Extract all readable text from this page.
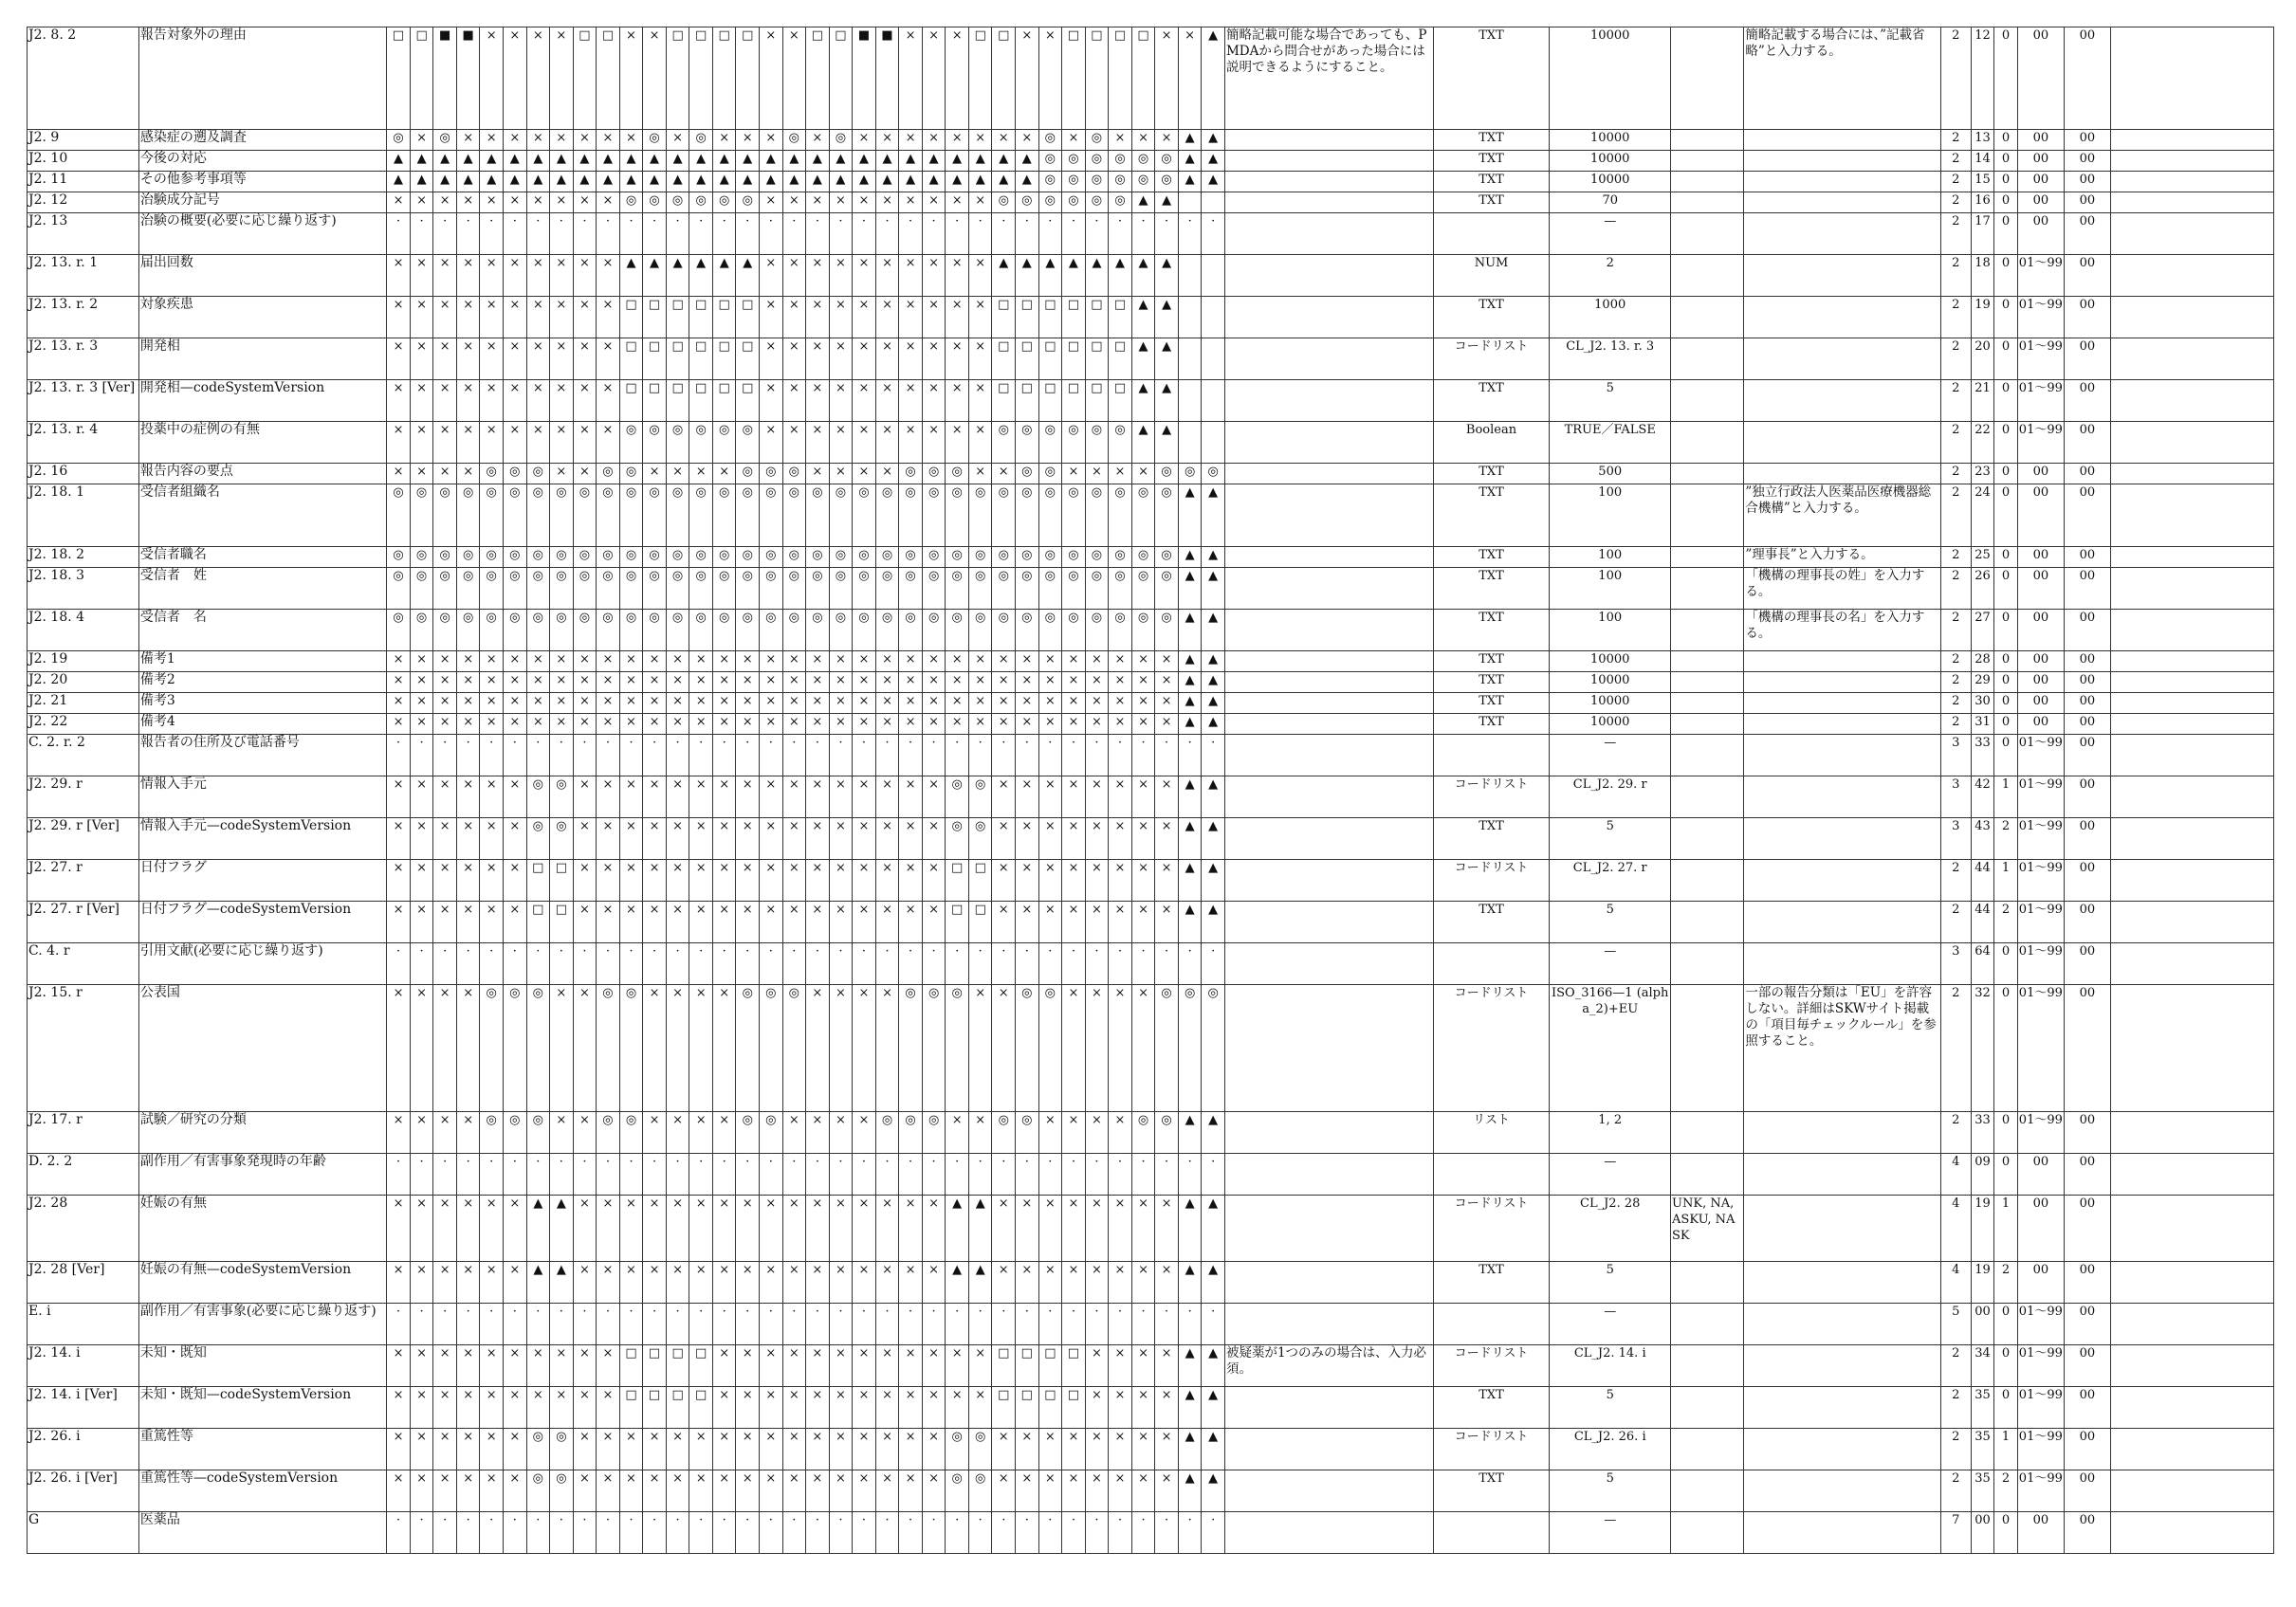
J2. 8. 2	報告対象外の理由	□	□	■	■	×	×	×	×	□	□	×	×	□	□	□	□	×	×	□	□	■	■	×	×	×	□	□	×	×	□	□	□	□	×	×	▲	簡略記載可能な場合であっても、PMDAから問合せがあった場合には説明できるようにすること。	TXT	10000		簡略記載する場合には、”記載省略”と入力する。	2	12	0	00	00	
J2. 9	感染症の遡及調査	◎	×	◎	×	×	×	×	×	×	×	×	◎	×	◎	×	×	×	◎	×	◎	×	×	×	×	×	×	×	×	◎	×	◎	×	×	×	▲	▲		TXT	10000			2	13	0	00	00	
J2. 10	今後の対応	▲	▲	▲	▲	▲	▲	▲	▲	▲	▲	▲	▲	▲	▲	▲	▲	▲	▲	▲	▲	▲	▲	▲	▲	▲	▲	▲	▲	◎	◎	◎	◎	◎	◎	▲	▲		TXT	10000			2	14	0	00	00	
J2. 11	その他参考事項等	▲	▲	▲	▲	▲	▲	▲	▲	▲	▲	▲	▲	▲	▲	▲	▲	▲	▲	▲	▲	▲	▲	▲	▲	▲	▲	▲	▲	◎	◎	◎	◎	◎	◎	▲	▲		TXT	10000			2	15	0	00	00	
J2. 12	治験成分記号	×	×	×	×	×	×	×	×	×	×	◎	◎	◎	◎	◎	◎	×	×	×	×	×	×	×	×	×	×	◎	◎	◎	◎	◎	◎	▲	▲				TXT	70			2	16	0	00	00	
J2. 13	治験の概要(必要に応じ繰り返す)	·	·	·	·	·	·	·	·	·	·	·	·	·	·	·	·	·	·	·	·	·	·	·	·	·	·	·	·	·	·	·	·	·	·	·	·			—			2	17	0	00	00	
J2. 13. r. 1	届出回数	×	×	×	×	×	×	×	×	×	×	▲	▲	▲	▲	▲	▲	×	×	×	×	×	×	×	×	×	×	▲	▲	▲	▲	▲	▲	▲	▲				NUM	2			2	18	0	01～99	00	
J2. 13. r. 2	対象疾患	×	×	×	×	×	×	×	×	×	×	□	□	□	□	□	□	×	×	×	×	×	×	×	×	×	×	□	□	□	□	□	□	▲	▲				TXT	1000			2	19	0	01～99	00	
J2. 13. r. 3	開発相	×	×	×	×	×	×	×	×	×	×	□	□	□	□	□	□	×	×	×	×	×	×	×	×	×	×	□	□	□	□	□	□	▲	▲				コードリスト	CL_J2. 13. r. 3			2	20	0	01～99	00	
J2. 13. r. 3 [Ver]	開発相—codeSystemVersion	×	×	×	×	×	×	×	×	×	×	□	□	□	□	□	□	×	×	×	×	×	×	×	×	×	×	□	□	□	□	□	□	▲	▲				TXT	5			2	21	0	01～99	00	
J2. 13. r. 4	投薬中の症例の有無	×	×	×	×	×	×	×	×	×	×	◎	◎	◎	◎	◎	◎	×	×	×	×	×	×	×	×	×	×	◎	◎	◎	◎	◎	◎	▲	▲				Boolean	TRUE／FALSE			2	22	0	01～99	00	
J2. 16	報告内容の要点	×	×	×	×	◎	◎	◎	×	×	◎	◎	×	×	×	×	◎	◎	◎	×	×	×	×	◎	◎	◎	×	×	◎	◎	×	×	×	×	◎	◎	◎		TXT	500			2	23	0	00	00	
J2. 18. 1	受信者組織名	◎	◎	◎	◎	◎	◎	◎	◎	◎	◎	◎	◎	◎	◎	◎	◎	◎	◎	◎	◎	◎	◎	◎	◎	◎	◎	◎	◎	◎	◎	◎	◎	◎	◎	▲	▲		TXT	100		”独立行政法人医薬品医療機器総合機構”と入力する。	2	24	0	00	00	
J2. 18. 2	受信者職名	◎	◎	◎	◎	◎	◎	◎	◎	◎	◎	◎	◎	◎	◎	◎	◎	◎	◎	◎	◎	◎	◎	◎	◎	◎	◎	◎	◎	◎	◎	◎	◎	◎	◎	▲	▲		TXT	100		”理事長”と入力する。	2	25	0	00	00	
J2. 18. 3	受信者　姓	◎	◎	◎	◎	◎	◎	◎	◎	◎	◎	◎	◎	◎	◎	◎	◎	◎	◎	◎	◎	◎	◎	◎	◎	◎	◎	◎	◎	◎	◎	◎	◎	◎	◎	▲	▲		TXT	100		「機構の理事長の姓」を入力する。	2	26	0	00	00	
J2. 18. 4	受信者　名	◎	◎	◎	◎	◎	◎	◎	◎	◎	◎	◎	◎	◎	◎	◎	◎	◎	◎	◎	◎	◎	◎	◎	◎	◎	◎	◎	◎	◎	◎	◎	◎	◎	◎	▲	▲		TXT	100		「機構の理事長の名」を入力する。	2	27	0	00	00	
J2. 19	備考1	×	×	×	×	×	×	×	×	×	×	×	×	×	×	×	×	×	×	×	×	×	×	×	×	×	×	×	×	×	×	×	×	×	×	▲	▲		TXT	10000			2	28	0	00	00	
J2. 20	備考2	×	×	×	×	×	×	×	×	×	×	×	×	×	×	×	×	×	×	×	×	×	×	×	×	×	×	×	×	×	×	×	×	×	×	▲	▲		TXT	10000			2	29	0	00	00	
J2. 21	備考3	×	×	×	×	×	×	×	×	×	×	×	×	×	×	×	×	×	×	×	×	×	×	×	×	×	×	×	×	×	×	×	×	×	×	▲	▲		TXT	10000			2	30	0	00	00	
J2. 22	備考4	×	×	×	×	×	×	×	×	×	×	×	×	×	×	×	×	×	×	×	×	×	×	×	×	×	×	×	×	×	×	×	×	×	×	▲	▲		TXT	10000			2	31	0	00	00	
C. 2. r. 2	報告者の住所及び電話番号	·	·	·	·	·	·	·	·	·	·	·	·	·	·	·	·	·	·	·	·	·	·	·	·	·	·	·	·	·	·	·	·	·	·	·	·			—			3	33	0	01～99	00	
J2. 29. r	情報入手元	×	×	×	×	×	×	◎	◎	×	×	×	×	×	×	×	×	×	×	×	×	×	×	×	×	◎	◎	×	×	×	×	×	×	×	×	▲	▲		コードリスト	CL_J2. 29. r			3	42	1	01～99	00	
J2. 29. r [Ver]	情報入手元—codeSystemVersion	×	×	×	×	×	×	◎	◎	×	×	×	×	×	×	×	×	×	×	×	×	×	×	×	×	◎	◎	×	×	×	×	×	×	×	×	▲	▲		TXT	5			3	43	2	01～99	00	
J2. 27. r	日付フラグ	×	×	×	×	×	×	□	□	×	×	×	×	×	×	×	×	×	×	×	×	×	×	×	×	□	□	×	×	×	×	×	×	×	×	▲	▲		コードリスト	CL_J2. 27. r			2	44	1	01～99	00	
J2. 27. r [Ver]	日付フラグ—codeSystemVersion	×	×	×	×	×	×	□	□	×	×	×	×	×	×	×	×	×	×	×	×	×	×	×	×	□	□	×	×	×	×	×	×	×	×	▲	▲		TXT	5			2	44	2	01～99	00	
C. 4. r	引用文献(必要に応じ繰り返す)	·	·	·	·	·	·	·	·	·	·	·	·	·	·	·	·	·	·	·	·	·	·	·	·	·	·	·	·	·	·	·	·	·	·	·	·			—			3	64	0	01～99	00	
J2. 15. r	公表国	×	×	×	×	◎	◎	◎	×	×	◎	◎	×	×	×	×	◎	◎	◎	×	×	×	×	◎	◎	◎	×	×	◎	◎	×	×	×	×	◎	◎	◎		コードリスト	ISO_3166—1 (alpha_2)+EU		一部の報告分類は「EU」を許容しない。詳細はSKWサイト掲載の「項目毎チェックルール」を参照すること。	2	32	0	01～99	00	
J2. 17. r	試験／研究の分類	×	×	×	×	◎	◎	◎	×	×	◎	◎	×	×	×	×	◎	◎	×	×	×	×	◎	◎	◎	×	×	◎	◎	×	×	×	×	◎	◎	▲	▲		リスト	1, 2			2	33	0	01～99	00	
D. 2. 2	副作用／有害事象発現時の年齢	·	·	·	·	·	·	·	·	·	·	·	·	·	·	·	·	·	·	·	·	·	·	·	·	·	·	·	·	·	·	·	·	·	·	·	·			—			4	09	0	00	00	
J2. 28	妊娠の有無	×	×	×	×	×	×	▲	▲	×	×	×	×	×	×	×	×	×	×	×	×	×	×	×	×	▲	▲	×	×	×	×	×	×	×	×	▲	▲		コードリスト	CL_J2. 28	UNK, NA, ASKU, NASK		4	19	1	00	00	
J2. 28 [Ver]	妊娠の有無—codeSystemVersion	×	×	×	×	×	×	▲	▲	×	×	×	×	×	×	×	×	×	×	×	×	×	×	×	×	▲	▲	×	×	×	×	×	×	×	×	▲	▲		TXT	5			4	19	2	00	00	
E. i	副作用／有害事象(必要に応じ繰り返す)	·	·	·	·	·	·	·	·	·	·	·	·	·	·	·	·	·	·	·	·	·	·	·	·	·	·	·	·	·	·	·	·	·	·	·	·			—			5	00	0	01～99	00	
J2. 14. i	未知・既知	×	×	×	×	×	×	×	×	×	×	□	□	□	□	×	×	×	×	×	×	×	×	×	×	×	×	□	□	□	□	×	×	×	×	▲	▲	被疑薬が1つのみの場合は、入力必須。	コードリスト	CL_J2. 14. i			2	34	0	01～99	00	
J2. 14. i [Ver]	未知・既知—codeSystemVersion	×	×	×	×	×	×	×	×	×	×	□	□	□	□	×	×	×	×	×	×	×	×	×	×	×	×	□	□	□	□	×	×	×	×	▲	▲		TXT	5			2	35	0	01～99	00	
J2. 26. i	重篤性等	×	×	×	×	×	×	◎	◎	×	×	×	×	×	×	×	×	×	×	×	×	×	×	×	×	◎	◎	×	×	×	×	×	×	×	×	▲	▲		コードリスト	CL_J2. 26. i			2	35	1	01～99	00	
J2. 26. i [Ver]	重篤性等—codeSystemVersion	×	×	×	×	×	×	◎	◎	×	×	×	×	×	×	×	×	×	×	×	×	×	×	×	×	◎	◎	×	×	×	×	×	×	×	×	▲	▲		TXT	5			2	35	2	01～99	00	
G	医薬品	·	·	·	·	·	·	·	·	·	·	·	·	·	·	·	·	·	·	·	·	·	·	·	·	·	·	·	·	·	·	·	·	·	·	·	·			—			7	00	0	00	00	
